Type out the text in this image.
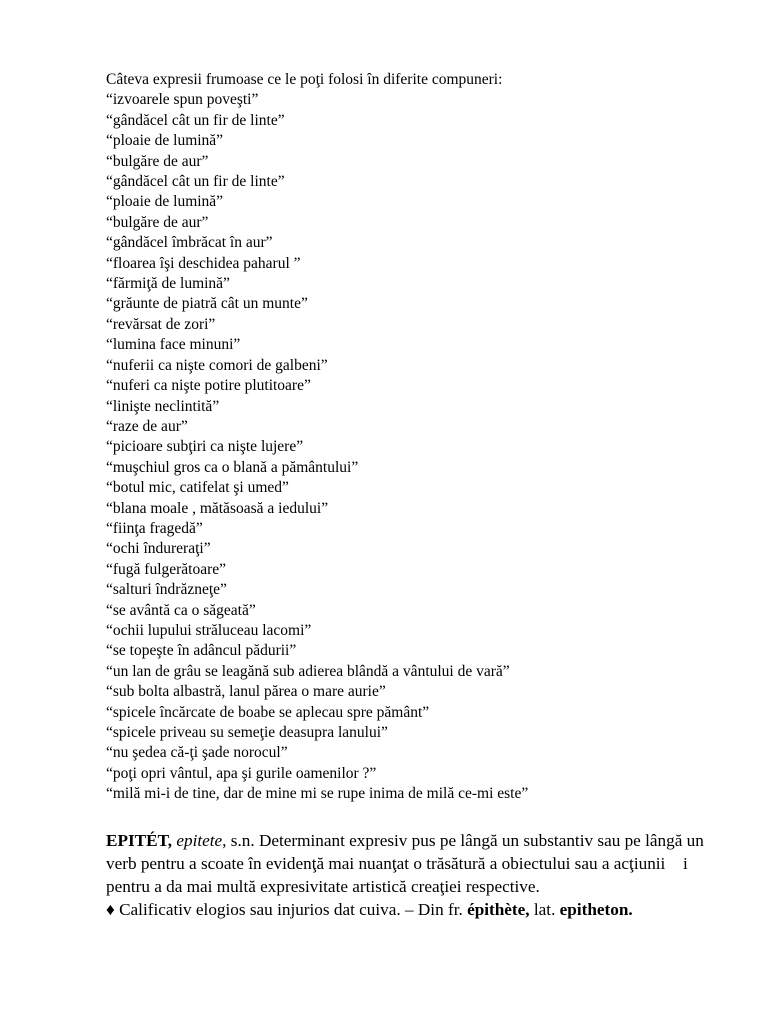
Câteva expresii frumoase ce le poţi folosi în diferite compuneri:
“izvoarele spun poveşti”
“gândăcel cât un fir de linte”
“ploaie de lumină”
“bulgăre de aur”
“gândăcel cât un fir de linte”
“ploaie de lumină”
“bulgăre de aur”
“gândăcel îmbrăcat în aur”
“floarea îşi deschidea paharul ”
“fărmiţă de lumină”
“grăunte de piatră cât un munte”
“revărsat de zori”
“lumina face minuni”
“nuferii ca nişte comori de galbeni”
“nuferi ca nişte potire plutitoare”
“linişte neclintită”
“raze de aur”
“picioare subţiri ca nişte lujere”
“muşchiul gros ca o blană a pământului”
“botul mic, catifelat şi umed”
“blana moale , mătăsoasă a iedului”
“fiinţa fragedă”
“ochi îndureraţi”
“fugă fulgerătoare”
“salturi îndrăzneţe”
“se avântă ca o săgeată”
“ochii lupului străluceau lacomi”
“se topeşte în adâncul pădurii”
“un lan de grâu se leagănă sub adierea blândă a vântului de vară”
“sub bolta albastră, lanul părea o mare aurie”
“spicele încărcate de boabe se aplecau spre pământ”
“spicele priveau su semeţie deasupra lanului”
“nu şedea că-ţi şade norocul”
“poţi opri vântul, apa şi gurile oamenilor ?”
“milă mi-i de tine, dar de mine mi se rupe inima de milă ce-mi este”

EPITÉT, epitete, s.n. Determinant expresiv pus pe lângă un substantiv sau pe lângă un verb pentru a scoate în evidenţă mai nuanţat o trăsătură a obiectului sau a acţiunii  i pentru a da mai multă expresivitate artistică creaţiei respective.

♦ Calificativ elogios sau injurios dat cuiva. – Din fr. épithète, lat. epitheton.
